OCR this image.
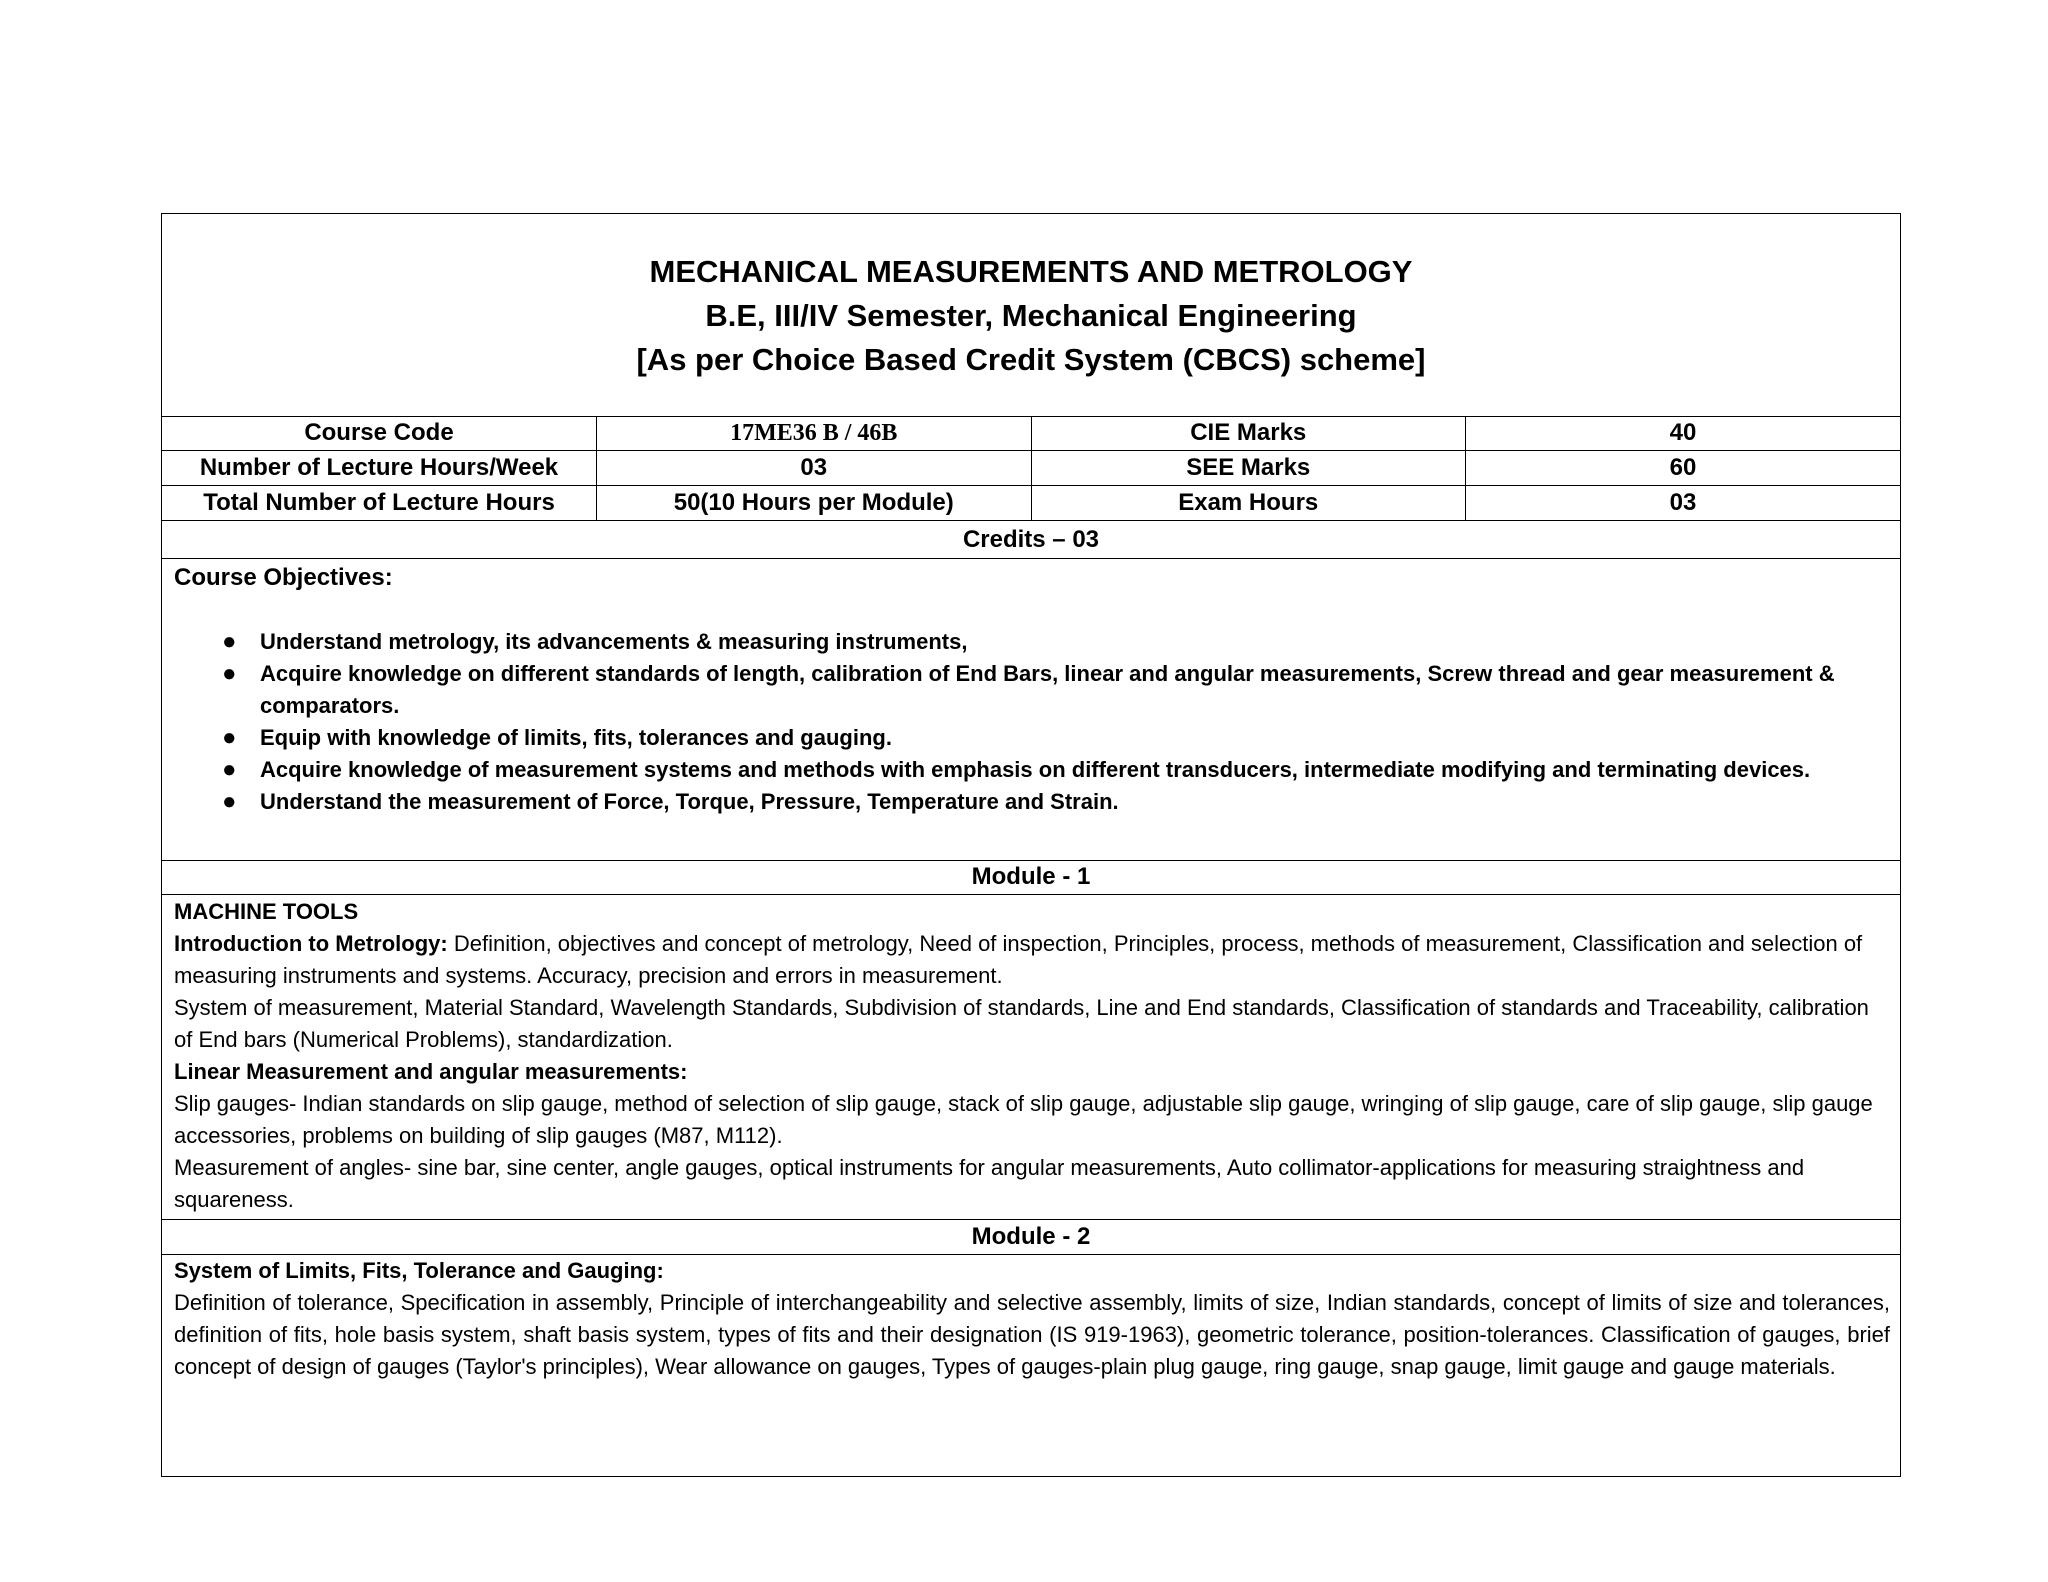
MECHANICAL MEASUREMENTS AND METROLOGY
B.E, III/IV Semester, Mechanical Engineering
[As per Choice Based Credit System (CBCS) scheme]
Course Code	17ME36 B / 46B	CIE Marks	40
Number of Lecture Hours/Week	03	SEE Marks	60
Total Number of Lecture Hours	50(10 Hours per Module)	Exam Hours	03
Credits – 03
Course Objectives:
● Understand metrology, its advancements & measuring instruments,
● Acquire knowledge on different standards of length, calibration of End Bars, linear and angular measurements, Screw thread and gear measurement & comparators.
● Equip with knowledge of limits, fits, tolerances and gauging.
● Acquire knowledge of measurement systems and methods with emphasis on different transducers, intermediate modifying and terminating devices.
● Understand the measurement of Force, Torque, Pressure, Temperature and Strain.
Module - 1

MACHINE TOOLS

Introduction to Metrology: Definition, objectives and concept of metrology, Need of inspection, Principles, process, methods of measurement, Classification and selection of measuring instruments and systems. Accuracy, precision and errors in measurement.

System of measurement, Material Standard, Wavelength Standards, Subdivision of standards, Line and End standards, Classification of standards and Traceability, calibration of End bars (Numerical Problems), standardization.

Linear Measurement and angular measurements:

Slip gauges- Indian standards on slip gauge, method of selection of slip gauge, stack of slip gauge, adjustable slip gauge, wringing of slip gauge, care of slip gauge, slip gauge accessories, problems on building of slip gauges (M87, M112).

Measurement of angles- sine bar, sine center, angle gauges, optical instruments for angular measurements, Auto collimator-applications for measuring straightness and squareness.

Module - 2

System of Limits, Fits, Tolerance and Gauging:

Definition of tolerance, Specification in assembly, Principle of interchangeability and selective assembly, limits of size, Indian standards, concept of limits of size and tolerances, definition of fits, hole basis system, shaft basis system, types of fits and their designation (IS 919-1963), geometric tolerance, position-tolerances. Classification of gauges, brief concept of design of gauges (Taylor's principles), Wear allowance on gauges, Types of gauges-plain plug gauge, ring gauge, snap gauge, limit gauge and gauge materials.
